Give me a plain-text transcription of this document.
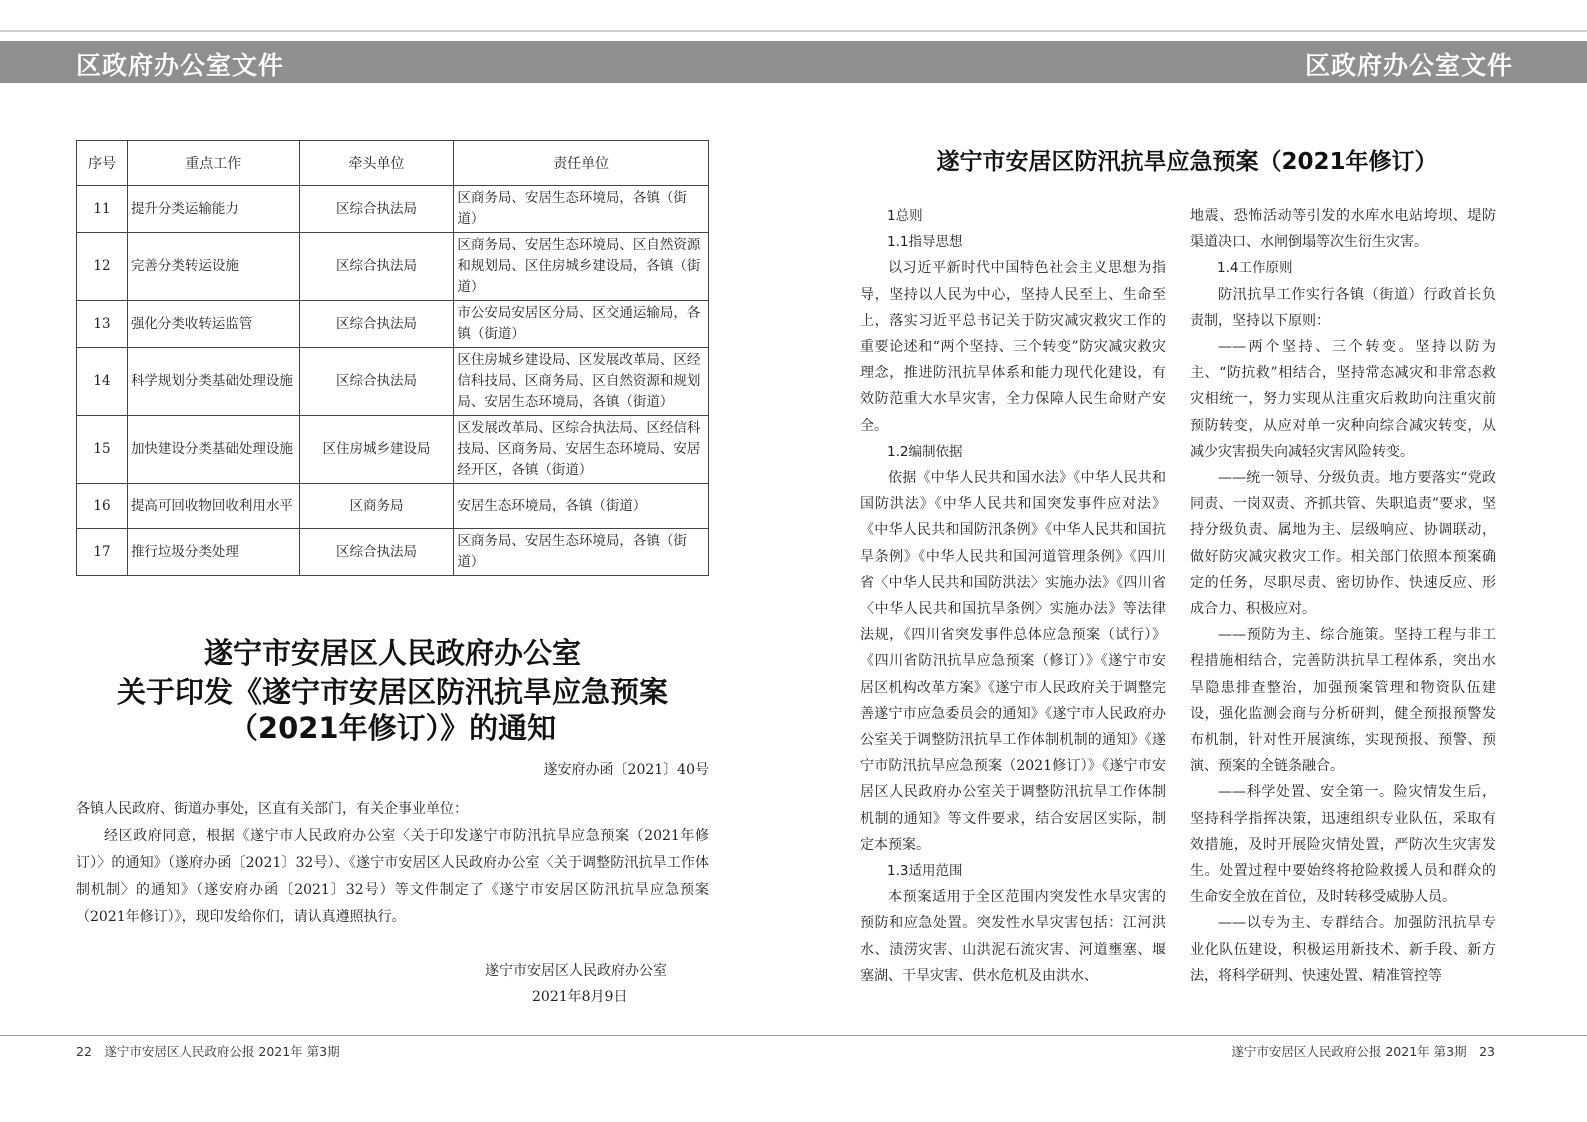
区政府办公室文件	区政府办公室文件
序号	重点工作	牵头单位	责任单位
11	提升分类运输能力	区综合执法局	区商务局、安居生态环境局，各镇（街道）
12	完善分类转运设施	区综合执法局	区商务局、安居生态环境局、区自然资源和规划局、区住房城乡建设局，各镇（街道）
13	强化分类收转运监管	区综合执法局	市公安局安居区分局、区交通运输局，各镇（街道）
14	科学规划分类基础处理设施	区综合执法局	区住房城乡建设局、区发展改革局、区经信科技局、区商务局、区自然资源和规划局、安居生态环境局，各镇（街道）
15	加快建设分类基础处理设施	区住房城乡建设局	区发展改革局、区综合执法局、区经信科技局、区商务局、安居生态环境局、安居经开区，各镇（街道）
16	提高可回收物回收利用水平	区商务局	安居生态环境局，各镇（街道）
17	推行垃圾分类处理	区综合执法局	区商务局、安居生态环境局，各镇（街道）
遂宁市安居区人民政府办公室
关于印发《遂宁市安居区防汛抗旱应急预案
（2021年修订）》的通知
遂安府办函〔2021〕40号
各镇人民政府、街道办事处，区直有关部门，有关企事业单位：
经区政府同意，根据《遂宁市人民政府办公室〈关于印发遂宁市防汛抗旱应急预案（2021年修订）〉的通知》（遂府办函〔2021〕32号）、《遂宁市安居区人民政府办公室〈关于调整防汛抗旱工作体制机制〉的通知》（遂安府办函〔2021〕32号）等文件制定了《遂宁市安居区防汛抗旱应急预案（2021年修订）》，现印发给你们，请认真遵照执行。
遂宁市安居区人民政府办公室
2021年8月9日
遂宁市安居区防汛抗旱应急预案（2021年修订）

1总则

1.1指导思想

以习近平新时代中国特色社会主义思想为指导，坚持以人民为中心，坚持人民至上、生命至上，落实习近平总书记关于防灾减灾救灾工作的重要论述和“两个坚持、三个转变”防灾减灾救灾理念，推进防汛抗旱体系和能力现代化建设，有效防范重大水旱灾害，全力保障人民生命财产安全。

1.2编制依据

依据《中华人民共和国水法》《中华人民共和国防洪法》《中华人民共和国突发事件应对法》《中华人民共和国防汛条例》《中华人民共和国抗旱条例》《中华人民共和国河道管理条例》《四川省〈中华人民共和国防洪法〉实施办法》《四川省〈中华人民共和国抗旱条例〉实施办法》等法律法规，《四川省突发事件总体应急预案（试行）》《四川省防汛抗旱应急预案（修订）》《遂宁市安居区机构改革方案》《遂宁市人民政府关于调整完善遂宁市应急委员会的通知》《遂宁市人民政府办公室关于调整防汛抗旱工作体制机制的通知》《遂宁市防汛抗旱应急预案（2021修订）》《遂宁市安居区人民政府办公室关于调整防汛抗旱工作体制机制的通知》等文件要求，结合安居区实际，制定本预案。

1.3适用范围

本预案适用于全区范围内突发性水旱灾害的预防和应急处置。突发性水旱灾害包括：江河洪水、渍涝灾害、山洪泥石流灾害、河道壅塞、堰塞湖、干旱灾害、供水危机及由洪水、

地震、恐怖活动等引发的水库水电站垮坝、堤防渠道决口、水闸倒塌等次生衍生灾害。

1.4工作原则

防汛抗旱工作实行各镇（街道）行政首长负责制，坚持以下原则：

——两个坚持、三个转变。坚持以防为主、“防抗救”相结合，坚持常态减灾和非常态救灾相统一，努力实现从注重灾后救助向注重灾前预防转变，从应对单一灾种向综合减灾转变，从减少灾害损失向减轻灾害风险转变。

——统一领导、分级负责。地方要落实“党政同责、一岗双责、齐抓共管、失职追责”要求，坚持分级负责、属地为主、层级响应、协调联动，做好防灾减灾救灾工作。相关部门依照本预案确定的任务，尽职尽责、密切协作、快速反应、形成合力、积极应对。

——预防为主、综合施策。坚持工程与非工程措施相结合，完善防洪抗旱工程体系，突出水旱隐患排查整治，加强预案管理和物资队伍建设，强化监测会商与分析研判，健全预报预警发布机制，针对性开展演练，实现预报、预警、预演、预案的全链条融合。

——科学处置、安全第一。险灾情发生后，坚持科学指挥决策，迅速组织专业队伍，采取有效措施，及时开展险灾情处置，严防次生灾害发生。处置过程中要始终将抢险救援人员和群众的生命安全放在首位，及时转移受威胁人员。

——以专为主、专群结合。加强防汛抗旱专业化队伍建设，积极运用新技术、新手段、新方法，将科学研判、快速处置、精准管控等

22　遂宁市安居区人民政府公报 2021年 第3期	遂宁市安居区人民政府公报 2021年 第3期　23
